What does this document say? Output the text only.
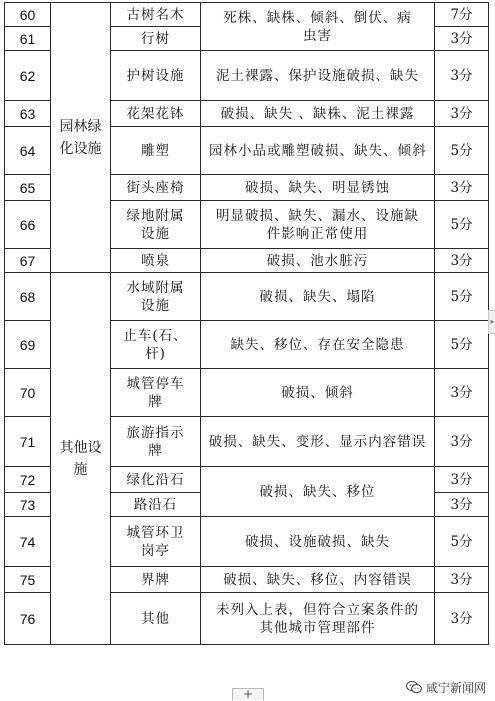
60	园林绿化设施	古树名木	死株、缺株、倾斜、倒伏、病
虫害	7分
61		行树		3分
62		护树设施	泥土裸露、保护设施破损、缺失	3分
63		花架花钵	破损、缺失 、缺株、泥土裸露	3分
64		雕塑	园林小品或雕塑破损、缺失、倾斜	5分
65		街头座椅	破损、缺失、明显锈蚀	3分
66		绿地附属设施	明显破损、缺失、漏水、设施缺件影响正常使用	5分
67		喷泉	破损、池水脏污	3分
68	其他设施	水域附属设施	破损、缺失、塌陷	5分
69		止车(石、杆)	缺失、移位、存在安全隐患	5分
70		城管停车牌	破损、倾斜	3分
71		旅游指示牌	破损、缺失、变形、显示内容错误	3分
72		绿化沿石	破损、缺失、移位	3分
73		路沿石		3分
74		城管环卫岗亭	破损、设施破损、缺失	5分
75		界牌	破损、缺失、移位、内容错误	3分
76		其他	未列入上表，但符合立案条件的其他城市管理部件	3分
▸
+	咸宁新闻网
